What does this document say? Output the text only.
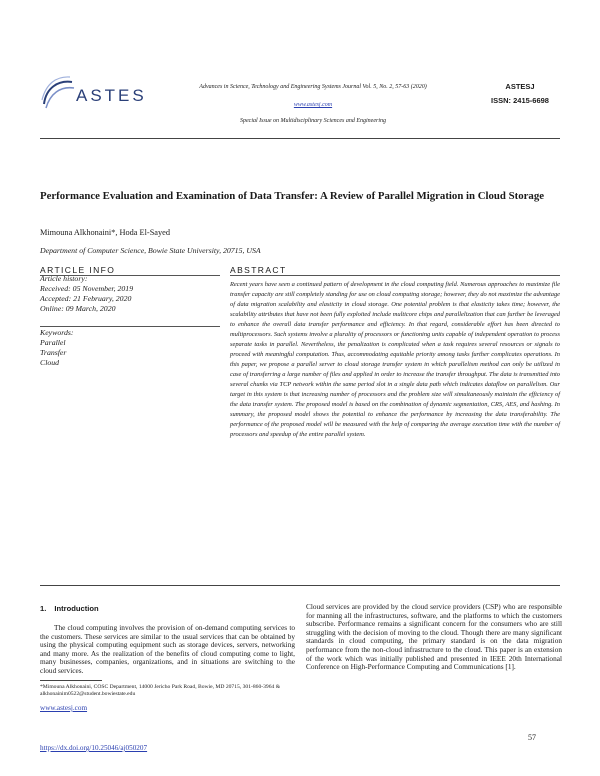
ASTES	Advances in Science, Technology and Engineering Systems Journal Vol. 5, No. 2, 57-63 (2020)
www.astesj.com
Special Issue on Multidisciplinary Sciences and Engineering
ASTESJ
ISSN: 2415-6698
Performance Evaluation and Examination of Data Transfer: A Review of Parallel Migration in Cloud Storage
Mimouna Alkhonaini*, Hoda El-Sayed
Department of Computer Science, Bowie State University, 20715, USA
ARTICLE INFO
Article history:
Received: 05 November, 2019
Accepted: 21 February, 2020
Online: 09 March, 2020
Keywords:
Parallel
Transfer
Cloud
ABSTRACT
Recent years have seen a continued pattern of development in the cloud computing field. Numerous approaches to maximize file transfer capacity are still completely standing for use on cloud computing storage; however, they do not maximize the advantage of data migration scalability and elasticity in cloud storage. One potential problem is that elasticity takes time; however, the scalability attributes that have not been fully exploited include multicore chips and parallelization that can further be leveraged to enhance the overall data transfer performance and efficiency. In that regard, considerable effort has been directed to multiprocessors. Such systems involve a plurality of processors or functioning units capable of independent operation to process separate tasks in parallel. Nevertheless, the penalization is complicated when a task requires several resources or signals to proceed with meaningful computation. Thus, accommodating equitable priority among tasks further complicates operations. In this paper, we propose a parallel server to cloud storage transfer system in which parallelism method can only be utilized in case of transferring a large number of files and applied in order to increase the transfer throughput. The data is transmitted into several chunks via TCP network within the same period slot in a single data path which indicates dataflow on parallelism. Our target in this system is that increasing number of processors and the problem size will simultaneously maintain the efficiency of the data transfer system. The proposed model is based on the combination of dynamic segmentation, CRS, AES, and hashing. In summary, the proposed model shows the potential to enhance the performance by increasing the data transferability. The performance of the proposed model will be measured with the help of comparing the average execution time with the number of processors and speedup of the entire parallel system.
1. Introduction
The cloud computing involves the provision of on-demand computing services to the customers. These services are similar to the usual services that can be obtained by using the physical computing equipment such as storage devices, servers, networking and many more. As the realization of the benefits of cloud computing come to light, many businesses, companies, organizations, and in situations are switching to the cloud services.
Cloud services are provided by the cloud service providers (CSP) who are responsible for manning all the infrastructures, software, and the platforms to which the customers subscribe. Performance remains a significant concern for the consumers who are still struggling with the decision of moving to the cloud. Though there are many significant standards in cloud computing, the primary standard is on the data migration performance from the non-cloud infrastructure to the cloud. This paper is an extension of the work which was initially published and presented in IEEE 20th International Conference on High-Performance Computing and Communications [1].
*Mimouna Alkhonaini, COSC Department, 14000 Jericho Park Road, Bowie, MD 20715, 301-860-3964 & alkhonainim0522@student.bowiestate.edu
www.astesj.com
https://dx.doi.org/10.25046/aj050207
57
